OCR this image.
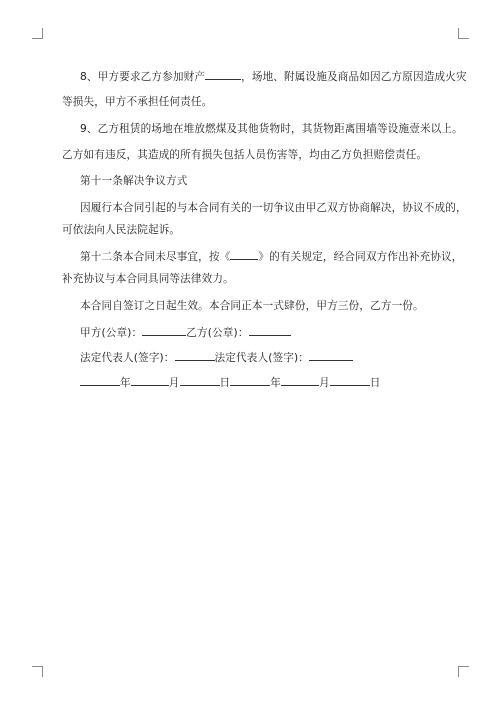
8、甲方要求乙方参加财产	，场地、附属设施及商品如因乙方原因造成火灾
等损失，甲方不承担任何责任。
9、乙方租赁的场地在堆放燃煤及其他货物时，其货物距离围墙等设施壹米以上。
乙方如有违反，其造成的所有损失包括人员伤害等，均由乙方负担赔偿责任。
第十一条解决争议方式
因履行本合同引起的与本合同有关的一切争议由甲乙双方协商解决，协议不成的，
可依法向人民法院起诉。
第十二条本合同未尽事宜，按《	》的有关规定，经合同双方作出补充协议，
补充协议与本合同具同等法律效力。
本合同自签订之日起生效。本合同正本一式肆份，甲方三份，乙方一份。
甲方(公章)：	乙方(公章)：
法定代表人(签字)：	法定代表人(签字)：
年	月	日	年	月	日
